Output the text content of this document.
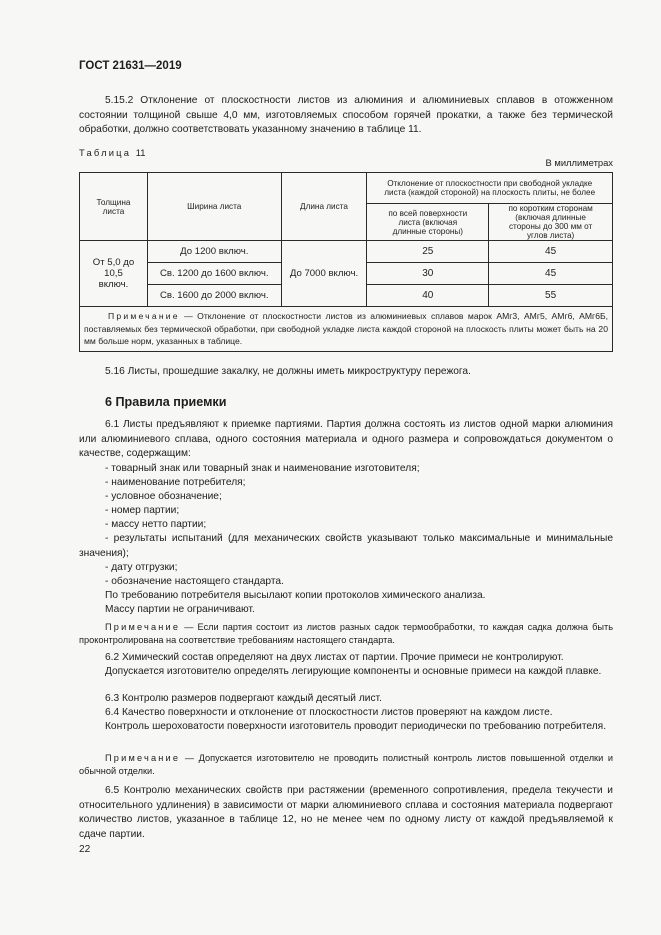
ГОСТ 21631—2019
5.15.2 Отклонение от плоскостности листов из алюминия и алюминиевых сплавов в отожженном состоянии толщиной свыше 4,0 мм, изготовляемых способом горячей прокатки, а также без термической обработки, должно соответствовать указанному значению в таблице 11.
Таблица 11
В миллиметрах
Толщина листа	Ширина листа	Длина листа	Отклонение от плоскостности при свободной укладке листа (каждой стороной) на плоскость плиты, не более	
			по всей поверхности листа (включая длинные стороны)	по коротким сторонам (включая длинные стороны до 300 мм от углов листа)
От 5,0 до 10,5 включ.	До 1200 включ.	До 7000 включ.	25	45
	Св. 1200 до 1600 включ.		30	45
	Св. 1600 до 2000 включ.		40	55
Примечание — Отклонение от плоскостности листов из алюминиевых сплавов марок АМг3, АМг5, АМг6, АМг6Б, поставляемых без термической обработки, при свободной укладке листа каждой стороной на плоскость плиты может быть на 20 мм больше норм, указанных в таблице.				
5.16 Листы, прошедшие закалку, не должны иметь микроструктуру пережога.
6 Правила приемки
6.1 Листы предъявляют к приемке партиями. Партия должна состоять из листов одной марки алюминия или алюминиевого сплава, одного состояния материала и одного размера и сопровождаться документом о качестве, содержащим:
- товарный знак или товарный знак и наименование изготовителя;
- наименование потребителя;
- условное обозначение;
- номер партии;
- массу нетто партии;
- результаты испытаний (для механических свойств указывают только максимальные и минимальные значения);
- дату отгрузки;
- обозначение настоящего стандарта.
По требованию потребителя высылают копии протоколов химического анализа.
Массу партии не ограничивают.
Примечание — Если партия состоит из листов разных садок термообработки, то каждая садка должна быть проконтролирована на соответствие требованиям настоящего стандарта.
6.2 Химический состав определяют на двух листах от партии. Прочие примеси не контролируют.
Допускается изготовителю определять легирующие компоненты и основные примеси на каждой плавке.
6.3 Контролю размеров подвергают каждый десятый лист.
6.4 Качество поверхности и отклонение от плоскостности листов проверяют на каждом листе.
Контроль шероховатости поверхности изготовитель проводит периодически по требованию потребителя.
Примечание — Допускается изготовителю не проводить полистный контроль листов повышенной отделки и обычной отделки.
6.5 Контролю механических свойств при растяжении (временного сопротивления, предела текучести и относительного удлинения) в зависимости от марки алюминиевого сплава и состояния материала подвергают количество листов, указанное в таблице 12, но не менее чем по одному листу от каждой предъявляемой к сдаче партии.
22
